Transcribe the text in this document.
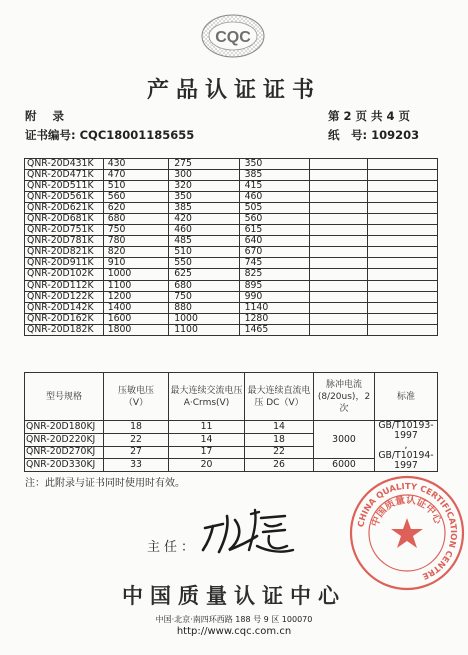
CQC
产品认证证书
附录	第 2 页 共 4 页
证书编号: CQC18001185655	纸　号: 109203
QNR-20D431K	430	275	350		
QNR-20D471K	470	300	385		
QNR-20D511K	510	320	415		
QNR-20D561K	560	350	460		
QNR-20D621K	620	385	505		
QNR-20D681K	680	420	560		
QNR-20D751K	750	460	615		
QNR-20D781K	780	485	640		
QNR-20D821K	820	510	670		
QNR-20D911K	910	550	745		
QNR-20D102K	1000	625	825		
QNR-20D112K	1100	680	895		
QNR-20D122K	1200	750	990		
QNR-20D142K	1400	880	1140		
QNR-20D162K	1600	1000	1280		
QNR-20D182K	1800	1100	1465		
型号规格	压敏电压（V）	最大连续交流电压 A·Crms(V)	最大连续直流电压 DC（V）	脉冲电流(8/20us)，2次	标准
QNR-20D180KJ	18	11	14	3000	GB/T10193-1997
,
GB/T10194-1997

QNR-20D220KJ	22	14	18		
QNR-20D270KJ	27	17	22		
QNR-20D330KJ	33	20	26	6000	
注：此附录与证书同时使用时有效。
主任：
CHINA QUALITY CERTIFICATION CENTRE
中国质量认证中心
中国质量认证中心
中国·北京·南四环西路 188 号 9 区 100070
http://www.cqc.com.cn
